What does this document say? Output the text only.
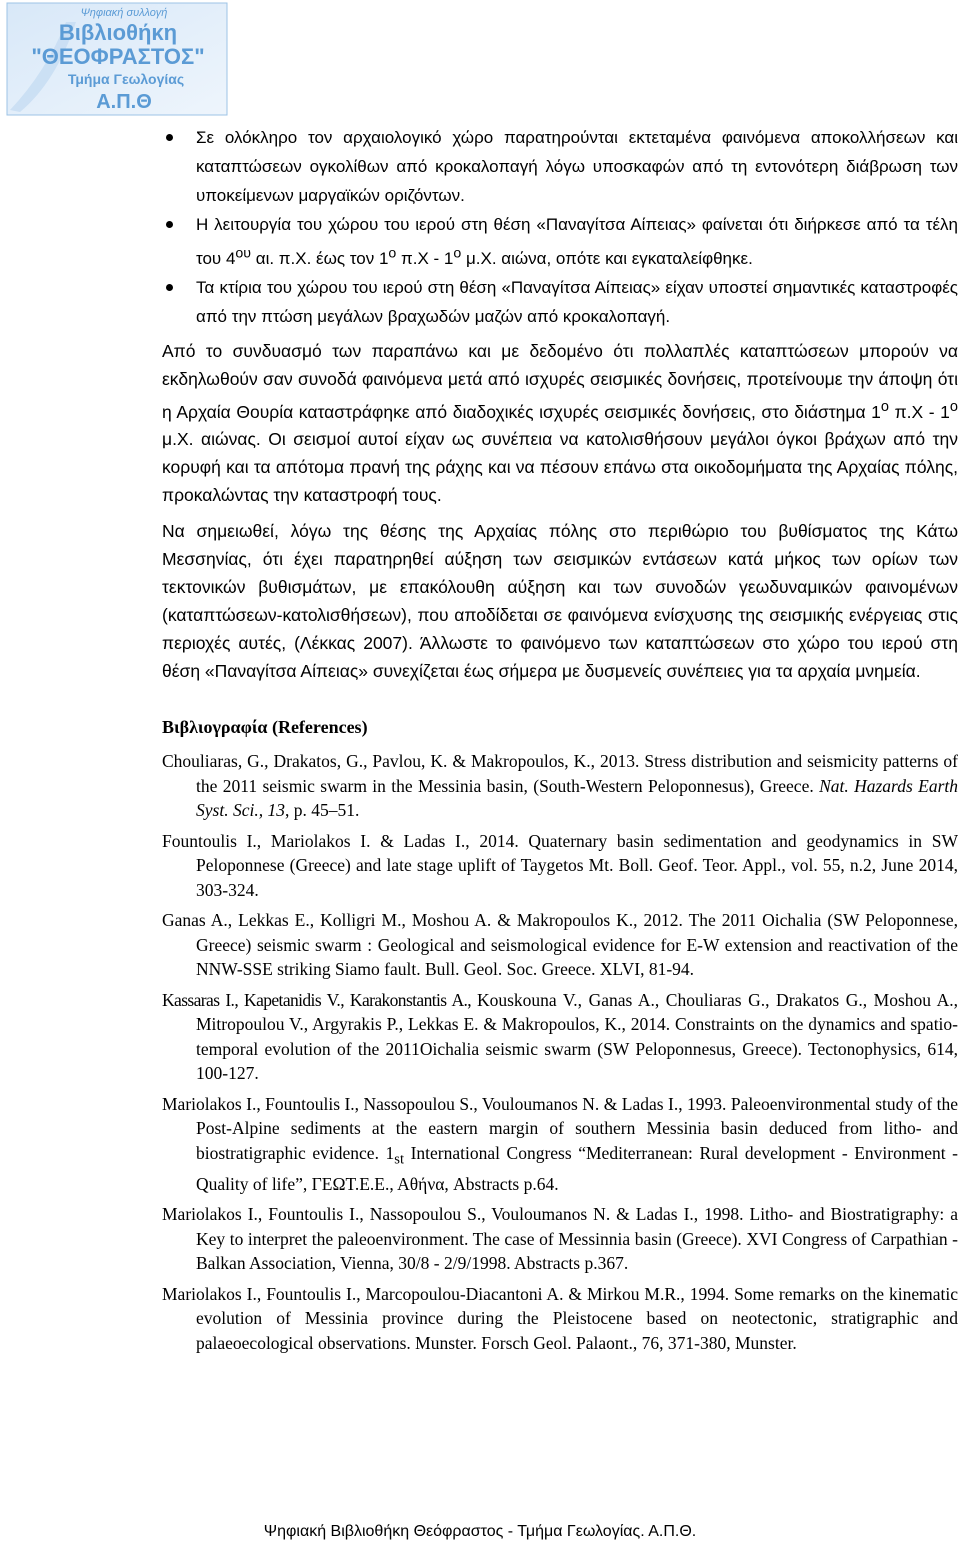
Ψηφιακή συλλογή
Βιβλιοθήκη
"ΘΕΟΦΡΑΣΤΟΣ"
Τμήμα Γεωλογίας
Α.Π.Θ
Σε ολόκληρο τον αρχαιολογικό χώρο παρατηρούνται εκτεταμένα φαινόμενα αποκολλήσεων και καταπτώσεων ογκολίθων από κροκαλοπαγή λόγω υποσκαφών από τη εντονότερη διάβρωση των υποκείμενων μαργαϊκών οριζόντων.
Η λειτουργία του χώρου του ιερού στη θέση «Παναγίτσα Αίπειας» φαίνεται ότι διήρκεσε από τα τέλη του $4^{o\upsilon}$ αι. π.Χ. έως τον $1^o$ $\pi.X - 1^o$ μ.Χ. αιώνα, οπότε και εγκαταλείφθηκε.
Τα κτίρια του χώρου του ιερού στη θέση «Παναγίτσα Αίπειας» είχαν υποστεί σημαντικές καταστροφές από την πτώση μεγάλων βραχωδών μαζών από κροκαλοπαγή.

Από το συνδυασμό των παραπάνω και με δεδομένο ότι πολλαπλές καταπτώσεων μπορούν να εκδηλωθούν σαν συνοδά φαινόμενα μετά από ισχυρές σεισμικές δονήσεις, προτείνουμε την άποψη ότι η Αρχαία Θουρία καταστράφηκε από διαδοχικές ισχυρές σεισμικές δονήσεις, στο διάστημα $1^o$ $\pi.X - 1^o$ μ.Χ. αιώνας. Οι σεισμοί αυτοί είχαν ως συνέπεια να κατολισθήσουν μεγάλοι όγκοι βράχων από την κορυφή και τα απότομα πρανή της ράχης και να πέσουν επάνω στα οικοδομήματα της Αρχαίας πόλης, προκαλώντας την καταστροφή τους.

Να σημειωθεί, λόγω της θέσης της Αρχαίας πόλης στο περιθώριο του βυθίσματος της Κάτω Μεσσηνίας, ότι έχει παρατηρηθεί αύξηση των σεισμικών εντάσεων κατά μήκος των ορίων των τεκτονικών βυθισμάτων, με επακόλουθη αύξηση και των συνοδών γεωδυναμικών φαινομένων (καταπτώσεων-κατολισθήσεων), που αποδίδεται σε φαινόμενα ενίσχυσης της σεισμικής ενέργειας στις περιοχές αυτές, (Λέκκας 2007). Άλλωστε το φαινόμενο των καταπτώσεων στο χώρο του ιερού στη θέση «Παναγίτσα Αίπειας» συνεχίζεται έως σήμερα με δυσμενείς συνέπειες για τα αρχαία μνημεία.

Βιβλιογραφία (References)

Chouliaras, G., Drakatos, G., Pavlou, K. & Makropoulos, K., 2013. Stress distribution and seismicity patterns of the 2011 seismic swarm in the Messinia basin, (South-Western Peloponnesus), Greece. Nat. Hazards Earth Syst. Sci., 13, p. 45–51.

Fountoulis I., Mariolakos I. & Ladas I., 2014. Quaternary basin sedimentation and geodynamics in SW Peloponnese (Greece) and late stage uplift of Taygetos Mt. Boll. Geof. Teor. Appl., vol. 55, n.2, June 2014, 303-324.

Ganas A., Lekkas E., Kolligri M., Moshou A. & Makropoulos K., 2012. The 2011 Oichalia (SW Peloponnese, Greece) seismic swarm : Geological and seismological evidence for E-W extension and reactivation of the NNW-SSE striking Siamo fault. Bull. Geol. Soc. Greece. XLVI, 81-94.

Kassaras I., Kapetanidis V., Karakonstantis A., Kouskouna V., Ganas A., Chouliaras G., Drakatos G., Moshou A., Mitropoulou V., Argyrakis P., Lekkas E. & Makropoulos, K., 2014. Constraints on the dynamics and spatio-temporal evolution of the 2011Oichalia seismic swarm (SW Peloponnesus, Greece). Tectonophysics, 614, 100-127.

Mariolakos I., Fountoulis I., Nassopoulou S., Vouloumanos N. & Ladas I., 1993. Paleoenvironmental study of the Post-Alpine sediments at the eastern margin of southern Messinia basin deduced from litho- and biostratigraphic evidence. $1_{st}$ International Congress “Mediterranean: Rural development - Environment - Quality of life”, ΓΕΩΤ.Ε.Ε., Αθήνα, Abstracts p.64.

Mariolakos I., Fountoulis I., Nassopoulou S., Vouloumanos N. & Ladas I., 1998. Litho- and Biostratigraphy: a Key to interpret the paleoenvironment. The case of Messinnia basin (Greece). XVI Congress of Carpathian - Balkan Association, Vienna, 30/8 - 2/9/1998. Abstracts p.367.

Mariolakos I., Fountoulis I., Marcopoulou-Diacantoni A. & Mirkou M.R., 1994. Some remarks on the kinematic evolution of Messinia province during the Pleistocene based on neotectonic, stratigraphic and palaeoecological observations. Munster. Forsch Geol. Palaont., 76, 371-380, Munster.

Ψηφιακή Βιβλιοθήκη Θεόφραστος - Τμήμα Γεωλογίας. Α.Π.Θ.
